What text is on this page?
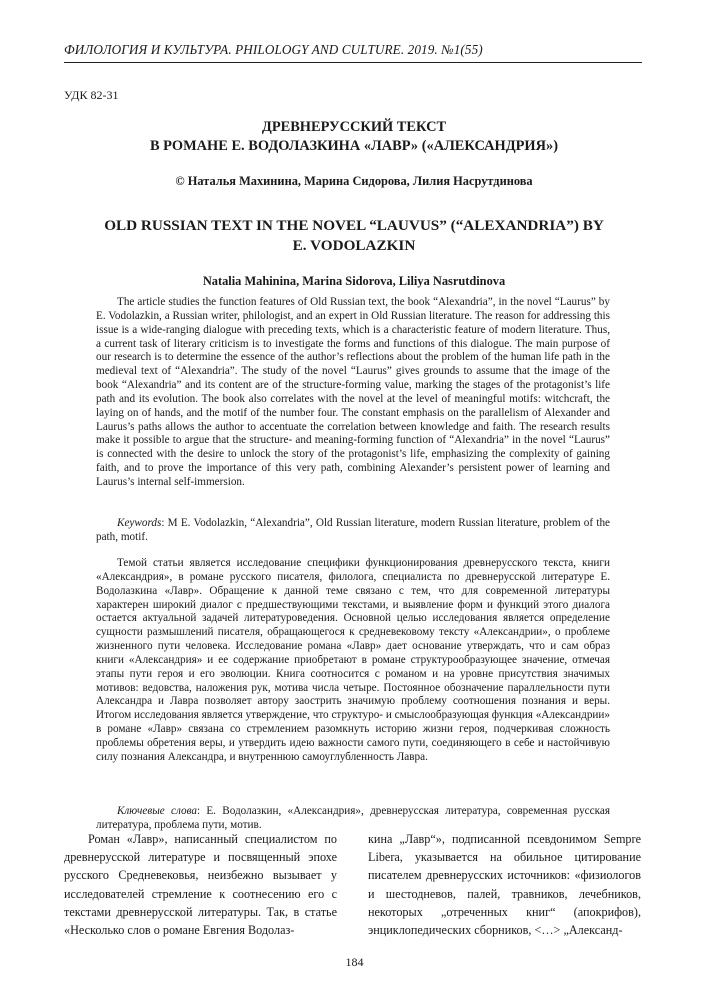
ФИЛОЛОГИЯ И КУЛЬТУРА. PHILOLOGY AND CULTURE. 2019. №1(55)
УДК 82-31
ДРЕВНЕРУССКИЙ ТЕКСТ
В РОМАНЕ Е. ВОДОЛАЗКИНА «ЛАВР» («АЛЕКСАНДРИЯ»)
© Наталья Махинина, Марина Сидорова, Лилия Насрутдинова
OLD RUSSIAN TEXT IN THE NOVEL “LAUVUS” (“ALEXANDRIA”) BY
E. VODOLAZKIN
Natalia Mahinina, Marina Sidorova, Liliya Nasrutdinova

The article studies the function features of Old Russian text, the book “Alexandria”, in the novel “Laurus” by E. Vodolazkin, a Russian writer, philologist, and an expert in Old Russian literature. The reason for addressing this issue is a wide-ranging dialogue with preceding texts, which is a characteristic feature of modern literature. Thus, a current task of literary criticism is to investigate the forms and functions of this dialogue. The main purpose of our research is to determine the essence of the author’s reflections about the problem of the human life path in the medieval text of “Alexandria”. The study of the novel “Laurus” gives grounds to assume that the image of the book “Alexandria” and its content are of the structure-forming value, marking the stages of the protagonist’s life path and its evolution. The book also correlates with the novel at the level of meaningful motifs: witchcraft, the laying on of hands, and the motif of the number four. The constant emphasis on the parallelism of Alexander and Laurus’s paths allows the author to accentuate the correlation between knowledge and faith. The research results make it possible to argue that the structure- and meaning-forming function of “Alexandria” in the novel “Laurus” is connected with the desire to unlock the story of the protagonist’s life, emphasizing the complexity of gaining faith, and to prove the importance of this very path, combining Alexander’s persistent power of learning and Laurus’s internal self-immersion.

Keywords: M E. Vodolazkin, “Alexandria”, Old Russian literature, modern Russian literature, problem of the path, motif.

Темой статьи является исследование специфики функционирования древнерусского текста, книги «Александрия», в романе русского писателя, филолога, специалиста по древнерусской литературе Е. Водолазкина «Лавр». Обращение к данной теме связано с тем, что для современной литературы характерен широкий диалог с предшествующими текстами, и выявление форм и функций этого диалога остается актуальной задачей литературоведения. Основной целью исследования является определение сущности размышлений писателя, обращающегося к средневековому тексту «Александрии», о проблеме жизненного пути человека. Исследование романа «Лавр» дает основание утверждать, что и сам образ книги «Александрия» и ее содержание приобретают в романе структурообразующее значение, отмечая этапы пути героя и его эволюции. Книга соотносится с романом и на уровне присутствия значимых мотивов: ведовства, наложения рук, мотива числа четыре. Постоянное обозначение параллельности пути Александра и Лавра позволяет автору заострить значимую проблему соотношения познания и веры. Итогом исследования является утверждение, что структуро- и смыслообразующая функция «Александрии» в романе «Лавр» связана со стремлением разомкнуть историю жизни героя, подчеркивая сложность проблемы обретения веры, и утвердить идею важности самого пути, соединяющего в себе и настойчивую силу познания Александра, и внутреннюю самоуглубленность Лавра.

Ключевые слова: Е. Водолазкин, «Александрия», древнерусская литература, современная русская литература, проблема пути, мотив.

Роман «Лавр», написанный специалистом по древнерусской литературе и посвященный эпохе русского Средневековья, неизбежно вызывает у исследователей стремление к соотнесению его с текстами древнерусской литературы. Так, в статье «Несколько слов о романе Евгения Водолаз-

кина „Лавр“», подписанной псевдонимом Sempre Libera, указывается на обильное цитирование писателем древнерусских источников: «физиологов и шестодневов, палей, травников, лечебников, некоторых „отреченных книг“ (апокрифов), энциклопедических сборников, <…> „Александ-

184
